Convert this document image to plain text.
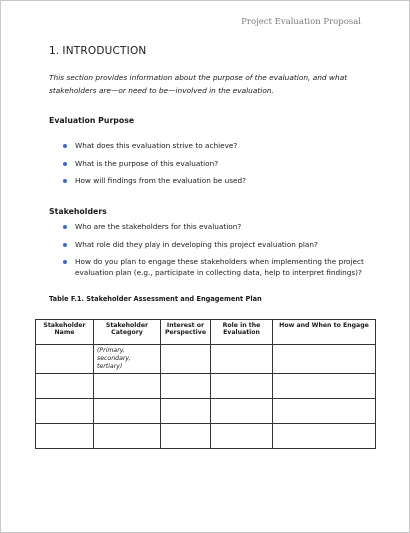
Project Evaluation Proposal
1. INTRODUCTION
This section provides information about the purpose of the evaluation, and what stakeholders are—or need to be—involved in the evaluation.
Evaluation Purpose
What does this evaluation strive to achieve?
What is the purpose of this evaluation?
How will findings from the evaluation be used?
Stakeholders
Who are the stakeholders for this evaluation?
What role did they play in developing this project evaluation plan?
How do you plan to engage these stakeholders when implementing the project evaluation plan (e.g., participate in collecting data, help to interpret findings)?
Table F.1. Stakeholder Assessment and Engagement Plan
Stakeholder Name	Stakeholder Category	Interest or Perspective	Role in the Evaluation	How and When to Engage
	(Primary, secondary, tertiary)			
